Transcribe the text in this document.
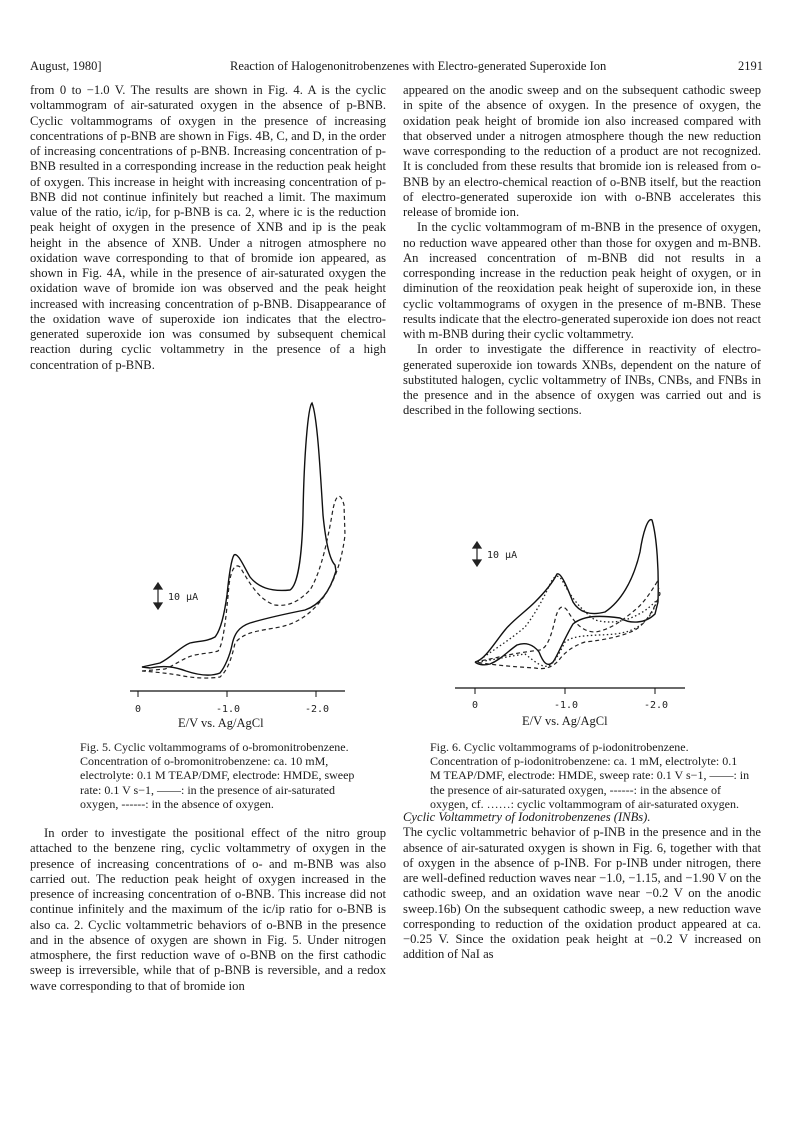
August, 1980]	Reaction of Halogenonitrobenzenes with Electro-generated Superoxide Ion	2191

from 0 to −1.0 V. The results are shown in Fig. 4. A is the cyclic voltammogram of air-saturated oxygen in the absence of p-BNB. Cyclic voltammograms of oxygen in the presence of increasing concentrations of p-BNB are shown in Figs. 4B, C, and D, in the order of increasing concentrations of p-BNB. Increasing concentration of p-BNB resulted in a corresponding increase in the reduction peak height of oxygen. This increase in height with increasing concentration of p-BNB did not continue infinitely but reached a limit. The maximum value of the ratio, ic/ip, for p-BNB is ca. 2, where ic is the reduction peak height of oxygen in the presence of XNB and ip is the peak height in the absence of XNB. Under a nitrogen atmosphere no oxidation wave corresponding to that of bromide ion appeared, as shown in Fig. 4A, while in the presence of air-saturated oxygen the oxidation wave of bromide ion was observed and the peak height increased with increasing concentration of p-BNB. Disappearance of the oxidation wave of superoxide ion indicates that the electro-generated superoxide ion was consumed by subsequent chemical reaction during cyclic voltammetry in the presence of a high concentration of p-BNB.

10 μA
0	-1.0	-2.0
E/V vs. Ag/AgCl
Fig. 5. Cyclic voltammograms of o-bromonitrobenzene. Concentration of o-bromonitrobenzene: ca. 10 mM, electrolyte: 0.1 M TEAP/DMF, electrode: HMDE, sweep rate: 0.1 V s−1, ——: in the presence of air-saturated oxygen, ------: in the absence of oxygen.

In order to investigate the positional effect of the nitro group attached to the benzene ring, cyclic voltammetry of oxygen in the presence of increasing concentrations of o- and m-BNB was also carried out. The reduction peak height of oxygen increased in the presence of increasing concentration of o-BNB. This increase did not continue infinitely and the maximum of the ic/ip ratio for o-BNB is also ca. 2. Cyclic voltammetric behaviors of o-BNB in the presence and in the absence of oxygen are shown in Fig. 5. Under nitrogen atmosphere, the first reduction wave of o-BNB on the first cathodic sweep is irreversible, while that of p-BNB is reversible, and a redox wave corresponding to that of bromide ion

appeared on the anodic sweep and on the subsequent cathodic sweep in spite of the absence of oxygen. In the presence of oxygen, the oxidation peak height of bromide ion also increased compared with that observed under a nitrogen atmosphere though the new reduction wave corresponding to the reduction of a product are not recognized. It is concluded from these results that bromide ion is released from o-BNB by an electro-chemical reaction of o-BNB itself, but the reaction of electro-generated superoxide ion with o-BNB accelerates this release of bromide ion.

In the cyclic voltammogram of m-BNB in the presence of oxygen, no reduction wave appeared other than those for oxygen and m-BNB. An increased concentration of m-BNB did not results in a corresponding increase in the reduction peak height of oxygen, or in diminution of the reoxidation peak height of superoxide ion, in these cyclic voltammograms of oxygen in the presence of m-BNB. These results indicate that the electro-generated superoxide ion does not react with m-BNB during their cyclic voltammetry.

In order to investigate the difference in reactivity of electro-generated superoxide ion towards XNBs, dependent on the nature of substituted halogen, cyclic voltammetry of INBs, CNBs, and FNBs in the presence and in the absence of oxygen was carried out and is described in the following sections.

10 μA
0	-1.0	-2.0
E/V vs. Ag/AgCl
Fig. 6. Cyclic voltammograms of p-iodonitrobenzene. Concentration of p-iodonitrobenzene: ca. 1 mM, electrolyte: 0.1 M TEAP/DMF, electrode: HMDE, sweep rate: 0.1 V s−1, ——: in the presence of air-saturated oxygen, ------: in the absence of oxygen, cf. ……: cyclic voltammogram of air-saturated oxygen.

Cyclic Voltammetry of Iodonitrobenzenes (INBs).

The cyclic voltammetric behavior of p-INB in the presence and in the absence of air-saturated oxygen is shown in Fig. 6, together with that of oxygen in the absence of p-INB. For p-INB under nitrogen, there are well-defined reduction waves near −1.0, −1.15, and −1.90 V on the cathodic sweep, and an oxidation wave near −0.2 V on the anodic sweep.16b) On the subsequent cathodic sweep, a new reduction wave corresponding to reduction of the oxidation product appeared at ca. −0.25 V. Since the oxidation peak height at −0.2 V increased on addition of NaI as
